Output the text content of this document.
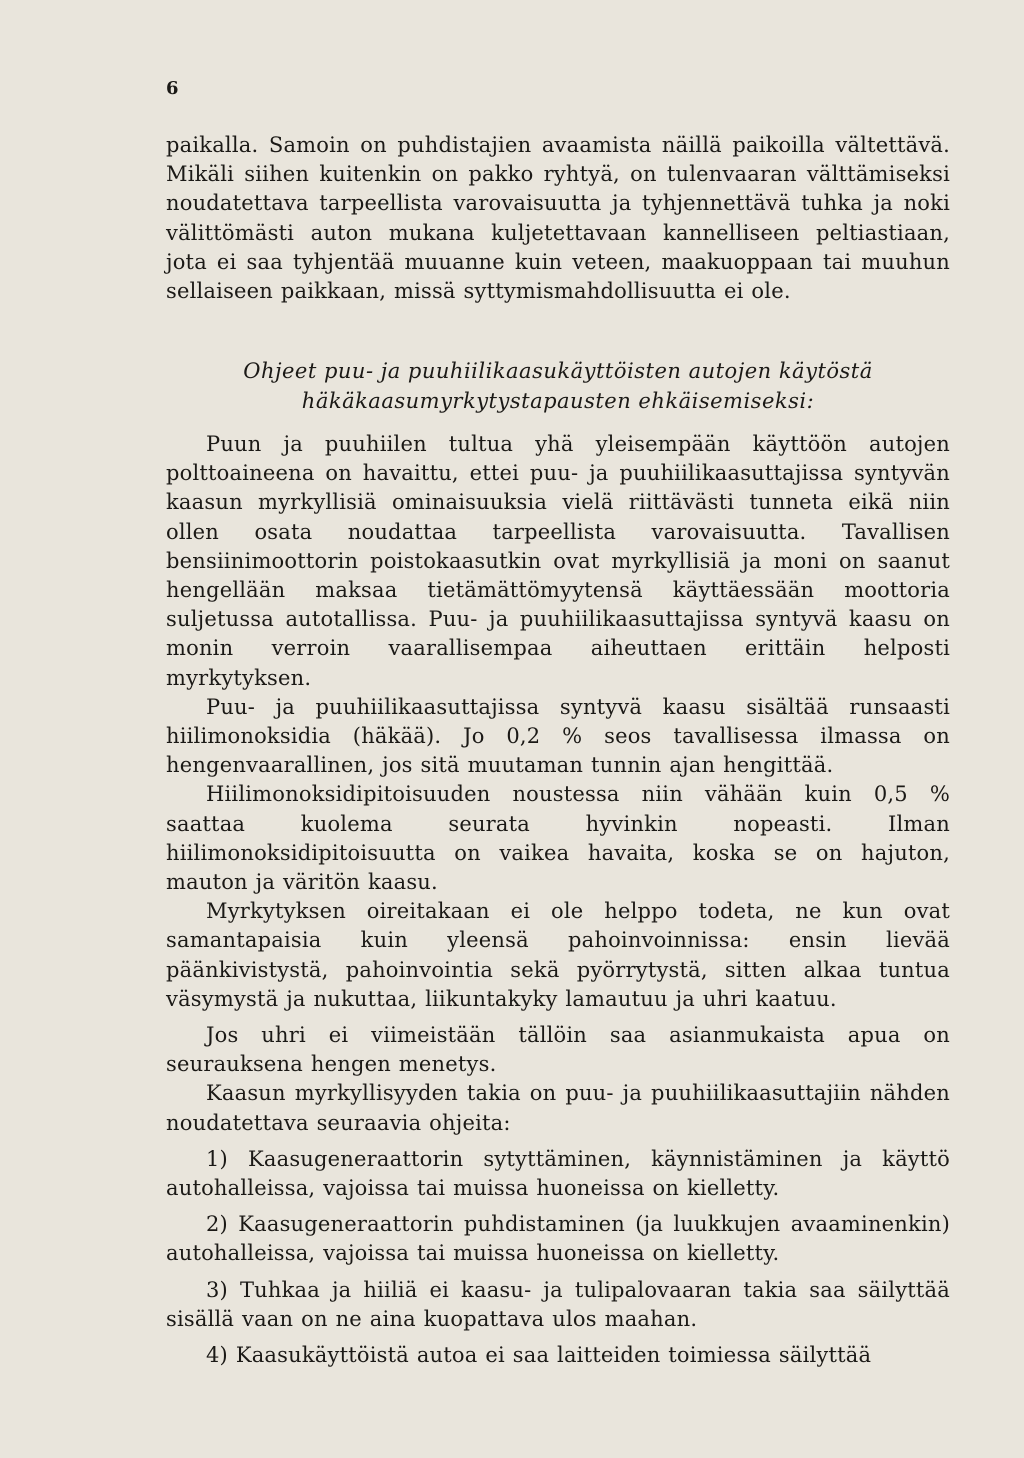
6

paikalla. Samoin on puhdistajien avaamista näillä paikoilla vältettävä. Mikäli siihen kuitenkin on pakko ryhtyä, on tulenvaaran välttämiseksi noudatettava tarpeellista varovaisuutta ja tyhjennettävä tuhka ja noki välittömästi auton mukana kuljetettavaan kannelliseen peltiastiaan, jota ei saa tyhjentää muuanne kuin veteen, maakuoppaan tai muuhun sellaiseen paikkaan, missä syttymismahdollisuutta ei ole.

Ohjeet puu- ja puuhiilikaasukäyttöisten autojen käytöstä
häkäkaasumyrkytystapausten ehkäisemiseksi:

Puun ja puuhiilen tultua yhä yleisempään käyttöön autojen polttoaineena on havaittu, ettei puu- ja puuhiilikaasuttajissa syntyvän kaasun myrkyllisiä ominaisuuksia vielä riittävästi tunneta eikä niin ollen osata noudattaa tarpeellista varovaisuutta. Tavallisen bensiinimoottorin poistokaasutkin ovat myrkyllisiä ja moni on saanut hengellään maksaa tietämättömyytensä käyttäessään moottoria suljetussa autotallissa. Puu- ja puuhiilikaasuttajissa syntyvä kaasu on monin verroin vaarallisempaa aiheuttaen erittäin helposti myrkytyksen.

Puu- ja puuhiilikaasuttajissa syntyvä kaasu sisältää runsaasti hiilimonoksidia (häkää). Jo 0,2 % seos tavallisessa ilmassa on hengenvaarallinen, jos sitä muutaman tunnin ajan hengittää.

Hiilimonoksidipitoisuuden noustessa niin vähään kuin 0,5 % saattaa kuolema seurata hyvinkin nopeasti. Ilman hiilimonoksidipitoisuutta on vaikea havaita, koska se on hajuton, mauton ja väritön kaasu.

Myrkytyksen oireitakaan ei ole helppo todeta, ne kun ovat samantapaisia kuin yleensä pahoinvoinnissa: ensin lievää päänkivistystä, pahoinvointia sekä pyörrytystä, sitten alkaa tuntua väsymystä ja nukuttaa, liikuntakyky lamautuu ja uhri kaatuu.

Jos uhri ei viimeistään tällöin saa asianmukaista apua on seurauksena hengen menetys.

Kaasun myrkyllisyyden takia on puu- ja puuhiilikaasuttajiin nähden noudatettava seuraavia ohjeita:

1) Kaasugeneraattorin sytyttäminen, käynnistäminen ja käyttö autohalleissa, vajoissa tai muissa huoneissa on kielletty.

2) Kaasugeneraattorin puhdistaminen (ja luukkujen avaaminenkin) autohalleissa, vajoissa tai muissa huoneissa on kielletty.

3) Tuhkaa ja hiiliä ei kaasu- ja tulipalovaaran takia saa säilyttää sisällä vaan on ne aina kuopattava ulos maahan.

4) Kaasukäyttöistä autoa ei saa laitteiden toimiessa säilyttää
